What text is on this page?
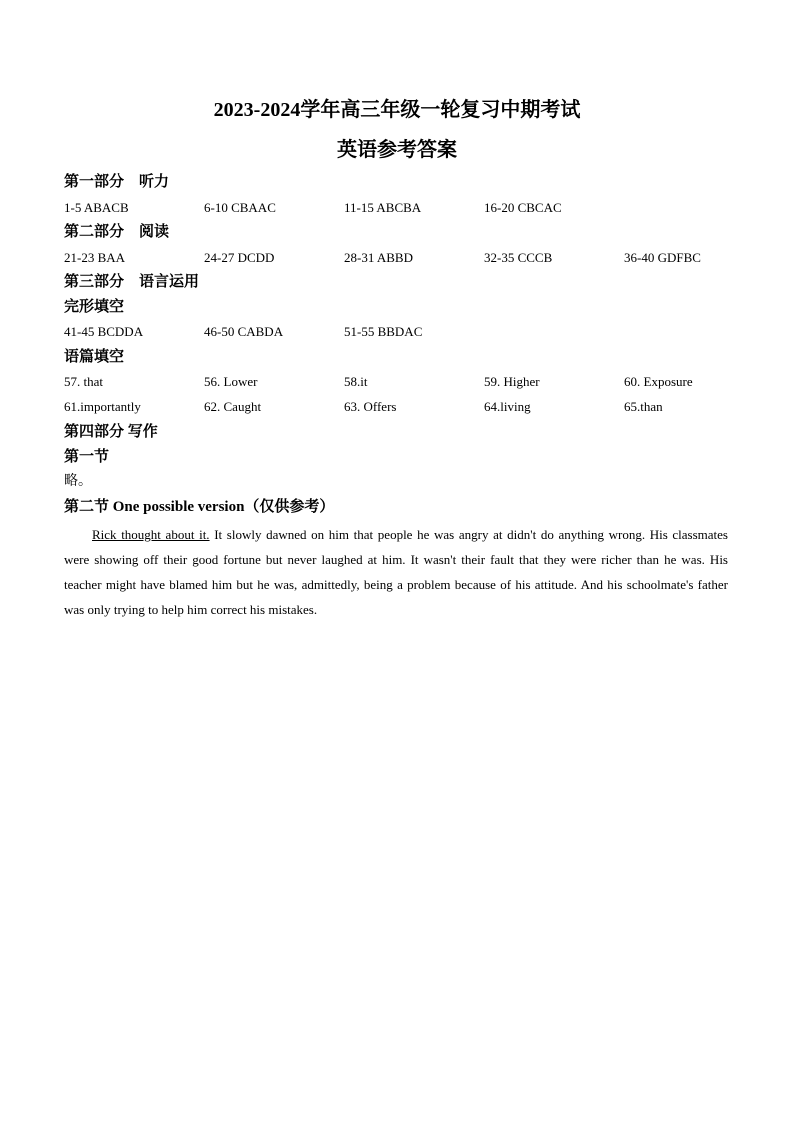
2023-2024学年高三年级一轮复习中期考试
英语参考答案
第一部分　听力
1-5 ABACB	6-10 CBAAC	11-15 ABCBA	16-20 CBCAC
第二部分　阅读
21-23 BAA	24-27 DCDD	28-31 ABBD	32-35 CCCB	36-40 GDFBC
第三部分　语言运用
完形填空
41-45 BCDDA	46-50 CABDA	51-55 BBDAC
语篇填空
57. that	56. Lower	58.it	59. Higher	60. Exposure
61.importantly	62. Caught	63. Offers	64.living	65.than
第四部分 写作
第一节
略。
第二节 One possible version（仅供参考）
Rick thought about it. It slowly dawned on him that people he was angry at didn't do anything wrong. His classmates were showing off their good fortune but never laughed at him. It wasn't their fault that they were richer than he was. His teacher might have blamed him but he was, admittedly, being a problem because of his attitude. And his schoolmate's father was only trying to help him correct his mistakes.
